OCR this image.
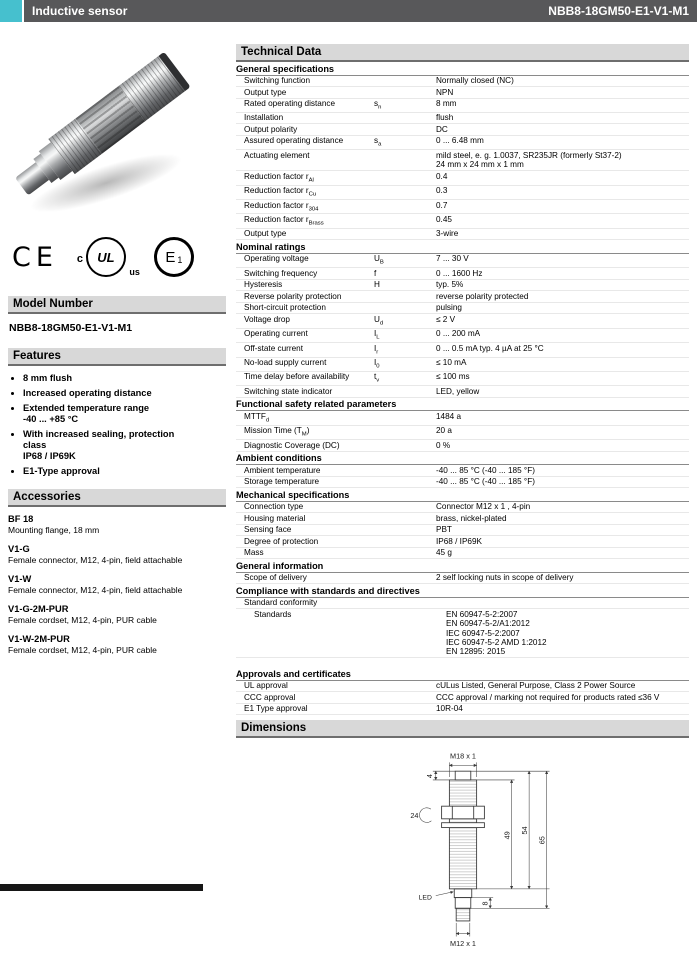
Inductive sensor	NBB8-18GM50-E1-V1-M1
CE c UL
us
E 1
Model Number
NBB8-18GM50-E1-V1-M1
Features
• 8 mm flush
• Increased operating distance
• Extended temperature range
-40 ... +85 °C
• With increased sealing, protection
class
IP68 / IP69K
• E1-Type approval
Accessories
BF 18
Mounting flange, 18 mm
V1-G
Female connector, M12, 4-pin, field attachable
V1-W
Female connector, M12, 4-pin, field attachable
V1-G-2M-PUR
Female cordset, M12, 4-pin, PUR cable
V1-W-2M-PUR
Female cordset, M12, 4-pin, PUR cable
Technical Data
General specifications
Switching function	Normally closed (NC)
Output type	NPN
Rated operating distance	$s_n$	8 mm
Installation	flush
Output polarity	DC
Assured operating distance	$s_a$	0 ... 6.48 mm
Actuating element	mild steel, e. g. 1.0037, SR235JR (formerly St37-2)
24 mm x 24 mm x 1 mm
Reduction factor $r_{Al}$	0.4
Reduction factor $r_{Cu}$	0.3
Reduction factor $r_{304}$	0.7
Reduction factor $r_{Brass}$	0.45
Output type	3-wire
Nominal ratings
Operating voltage	$U_B$	7 ... 30 V
Switching frequency	f	0 ... 1600 Hz
Hysteresis	H	typ. 5%
Reverse polarity protection	reverse polarity protected
Short-circuit protection	pulsing
Voltage drop	$U_d$	≤ 2 V
Operating current	$I_L$	0 ... 200 mA
Off-state current	$I_r$	0 ... 0.5 mA typ. 4 µA at 25 °C
No-load supply current	$I_0$	≤ 10 mA
Time delay before availability	$t_v$	≤ 100 ms
Switching state indicator	LED, yellow
Functional safety related parameters
$MTTF_d$	1484 a
Mission Time $(T_M)$	20 a
Diagnostic Coverage (DC)	0 %
Ambient conditions
Ambient temperature	-40 ... 85 °C (-40 ... 185 °F)
Storage temperature	-40 ... 85 °C (-40 ... 185 °F)
Mechanical specifications
Connection type	Connector M12 x 1 , 4-pin
Housing material	brass, nickel-plated
Sensing face	PBT
Degree of protection	IP68 / IP69K
Mass	45 g
General information
Scope of delivery	2 self locking nuts in scope of delivery
Compliance with standards and directives
Standard conformity
Standards	EN 60947-5-2:2007
EN 60947-5-2/A1:2012
IEC 60947-5-2:2007
IEC 60947-5-2 AMD 1:2012
EN 12895: 2015
Approvals and certificates
UL approval	cULus Listed, General Purpose, Class 2 Power Source
CCC approval	CCC approval / marking not required for products rated ≤36 V
E1 Type approval	10R-04
Dimensions
M18 x 1
4
49
54
65
24
LED
8
M12 x 1
